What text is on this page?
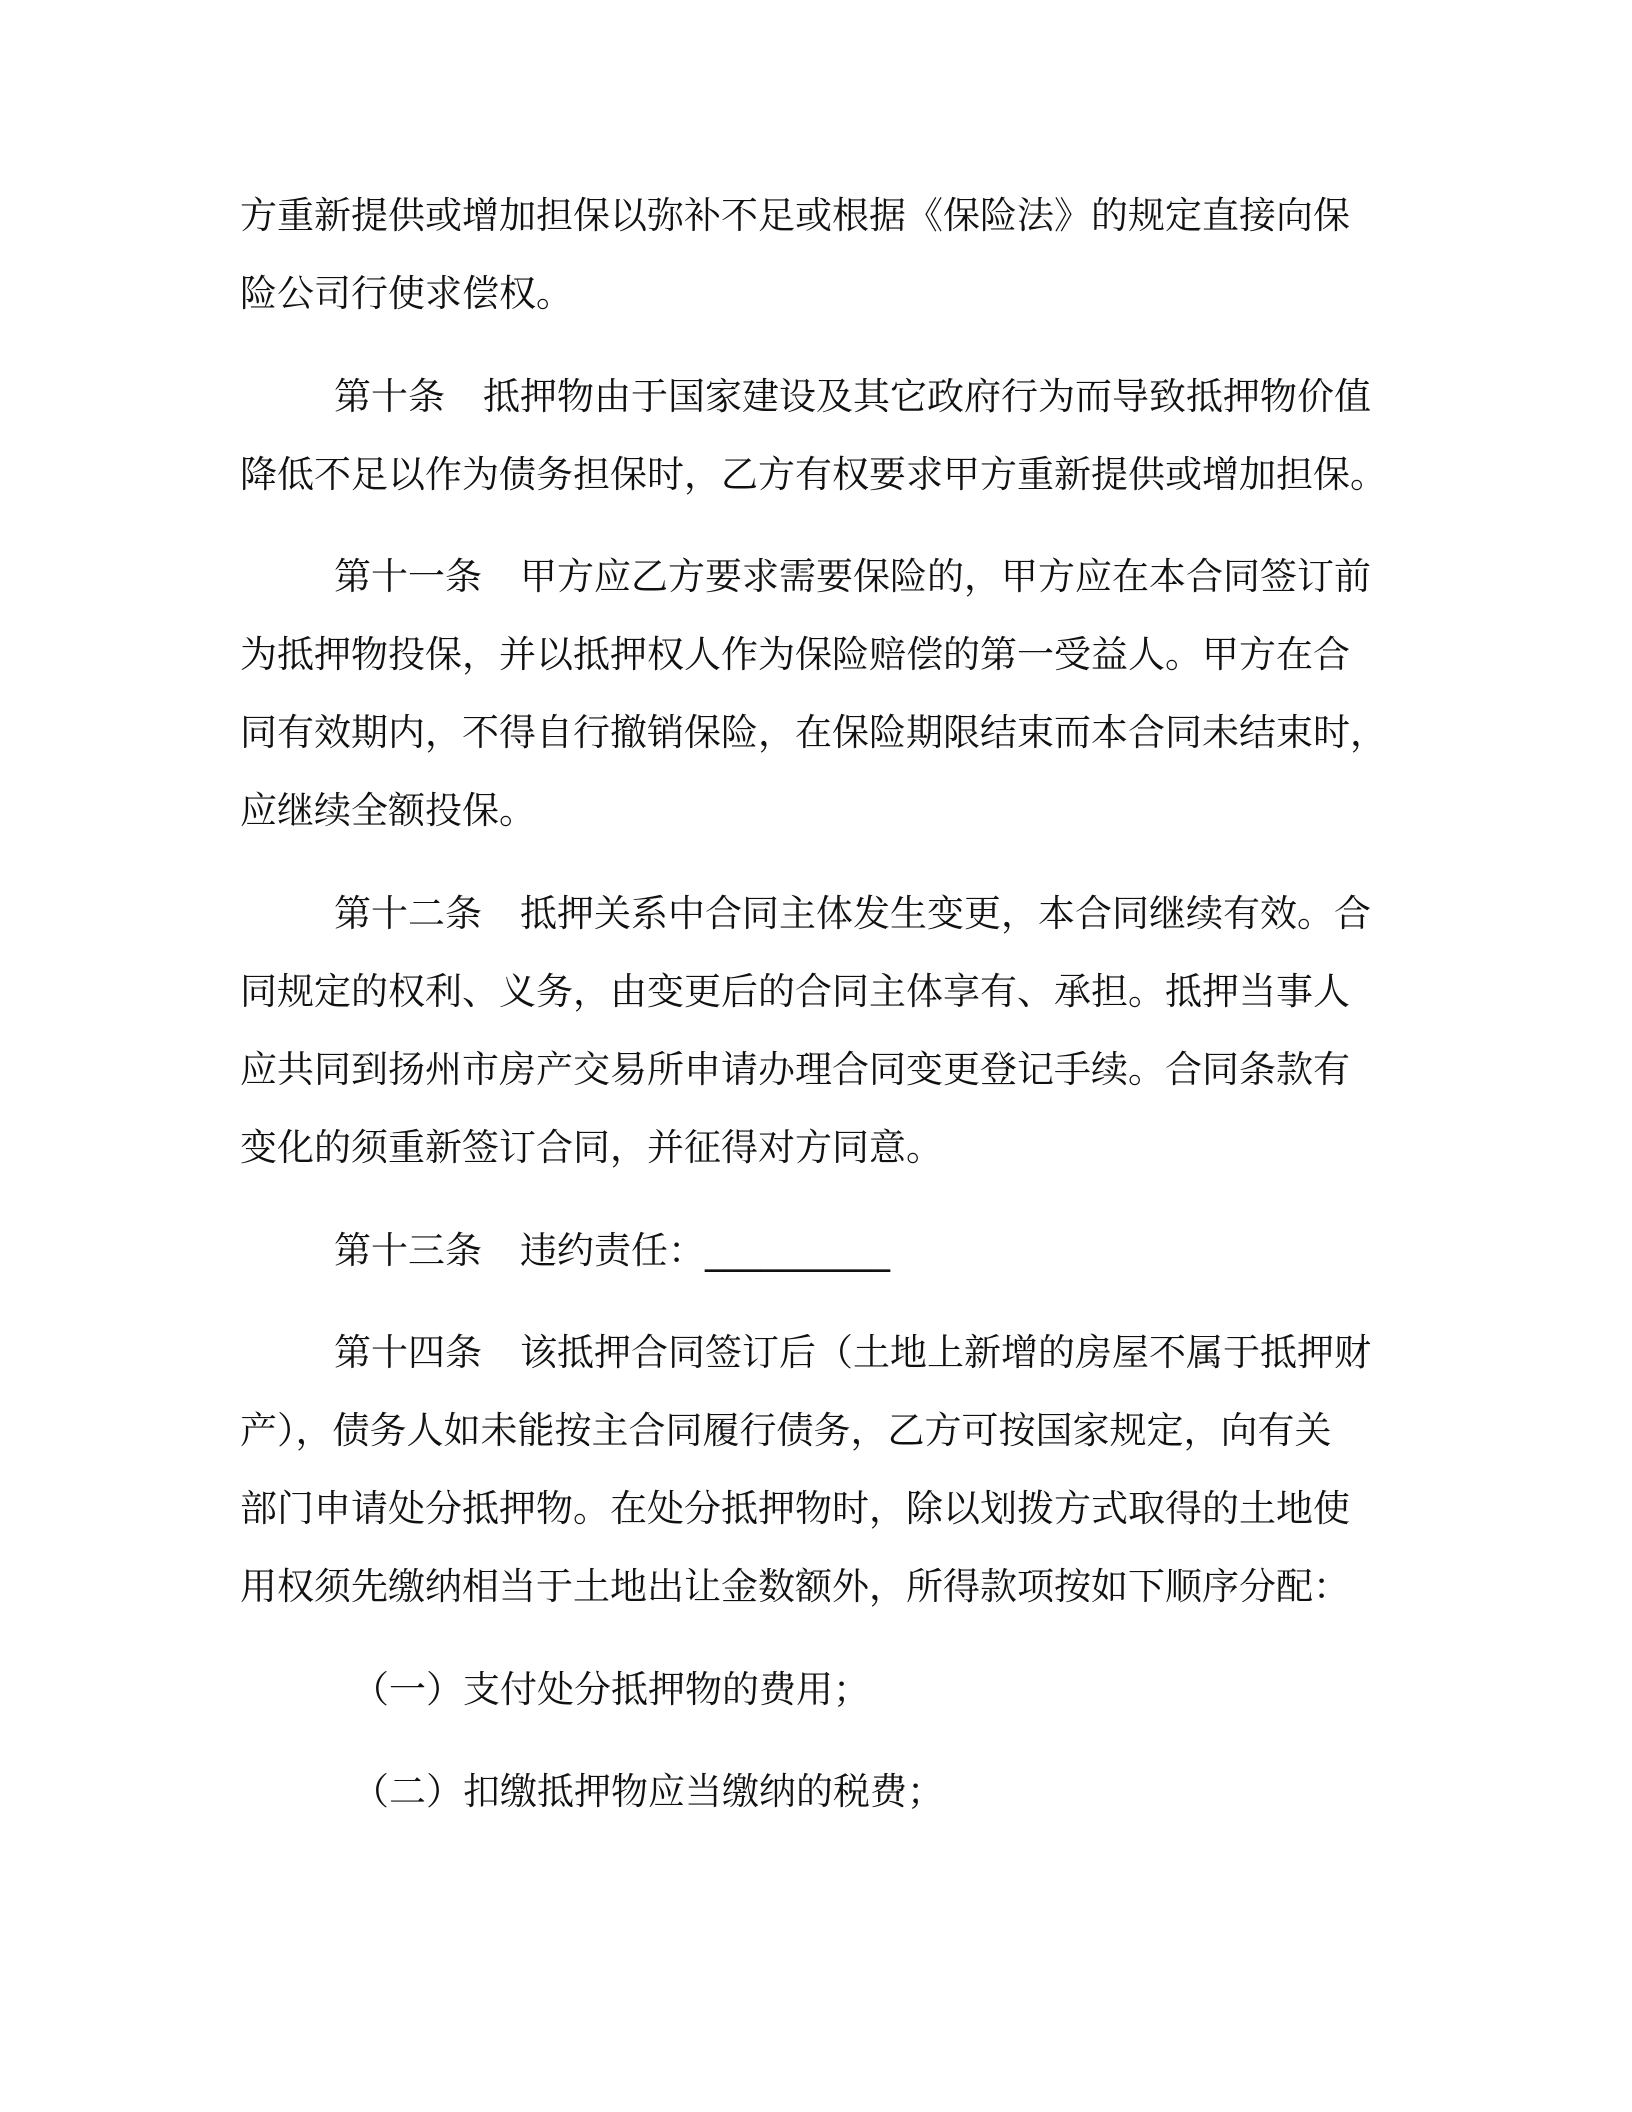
方重新提供或增加担保以弥补不足或根据《保险法》的规定直接向保
险公司行使求偿权。
第十条 抵押物由于国家建设及其它政府行为而导致抵押物价值
降低不足以作为债务担保时，乙方有权要求甲方重新提供或增加担保。
第十一条 甲方应乙方要求需要保险的，甲方应在本合同签订前
为抵押物投保，并以抵押权人作为保险赔偿的第一受益人。甲方在合
同有效期内，不得自行撤销保险，在保险期限结束而本合同未结束时，
应继续全额投保。
第十二条 抵押关系中合同主体发生变更，本合同继续有效。合
同规定的权利、义务，由变更后的合同主体享有、承担。抵押当事人
应共同到扬州市房产交易所申请办理合同变更登记手续。合同条款有
变化的须重新签订合同，并征得对方同意。
第十三条 违约责任：__________
第十四条 该抵押合同签订后（土地上新增的房屋不属于抵押财
产），债务人如未能按主合同履行债务，乙方可按国家规定，向有关
部门申请处分抵押物。在处分抵押物时，除以划拨方式取得的土地使
用权须先缴纳相当于土地出让金数额外，所得款项按如下顺序分配：
（一）支付处分抵押物的费用；
（二）扣缴抵押物应当缴纳的税费；
